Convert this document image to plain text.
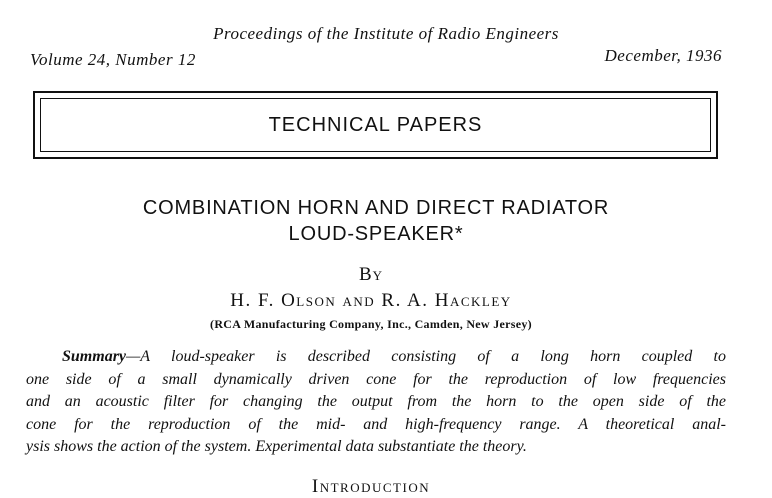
Proceedings of the Institute of Radio Engineers
Volume 24, Number 12	December, 1936
TECHNICAL PAPERS
COMBINATION HORN AND DIRECT RADIATOR
LOUD-SPEAKER*
By
H. F. Olson and R. A. Hackley
(RCA Manufacturing Company, Inc., Camden, New Jersey)
Summary—A loud-speaker is described consisting of a long horn coupled to
one side of a small dynamically driven cone for the reproduction of low frequencies
and an acoustic filter for changing the output from the horn to the open side of the
cone for the reproduction of the mid- and high-frequency range. A theoretical anal-
ysis shows the action of the system. Experimental data substantiate the theory.
Introduction
